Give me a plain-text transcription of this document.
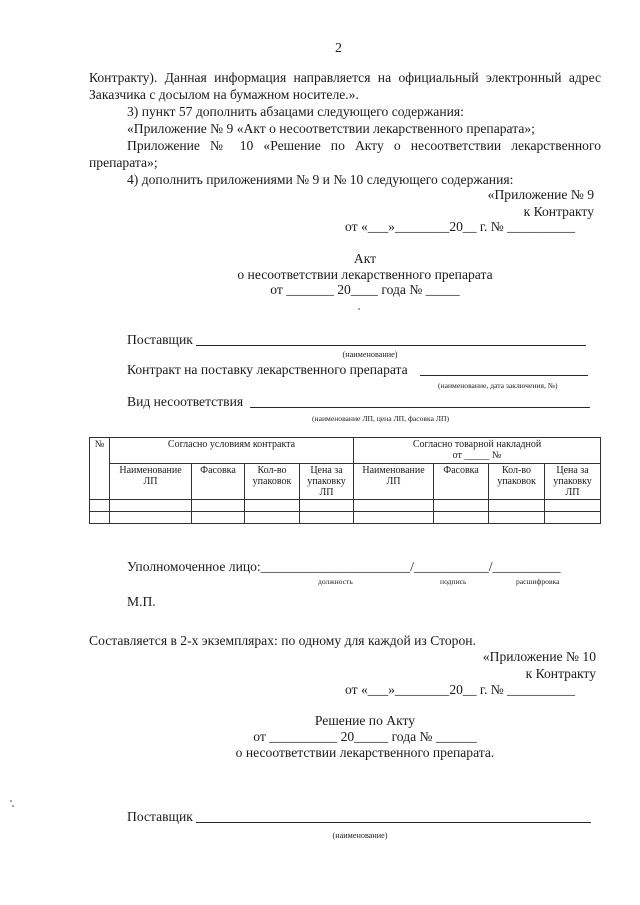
2
Контракту). Данная информация направляется на официальный электронный адрес
Заказчика с досылом на бумажном носителе.».
3) пункт 57 дополнить абзацами следующего содержания:
«Приложение № 9 «Акт о несоответствии лекарственного препарата»;
Приложение № 10 «Решение по Акту о несоответствии лекарственного
препарата»;
4) дополнить приложениями № 9 и № 10 следующего содержания:
«Приложение № 9
к Контракту
от «___»________20__ г. № __________
Акт
о несоответствии лекарственного препарата
от _______ 20____ года № _____
Поставщик
(наименование)
Контракт на поставку лекарственного препарата
(наименование, дата заключения, №)
Вид несоответствия
(наименование ЛП, цена ЛП, фасовка ЛП)
№	Согласно условиям контракта				Согласно товарной накладной
от _____ №			

	Наименование ЛП	Фасовка	Кол-во упаковок	Цена за упаковку ЛП	Наименование ЛП	Фасовка	Кол-во упаковок	Цена за упаковку ЛП

Уполномоченное лицо:______________________/___________/__________
должность	подпись	расшифровка
М.П.
Составляется в 2-х экземплярах: по одному для каждой из Сторон.
«Приложение № 10
к Контракту
от «___»________20__ г. № __________
Решение по Акту
от __________ 20_____ года № ______
о несоответствии лекарственного препарата.
Поставщик
(наименование)
